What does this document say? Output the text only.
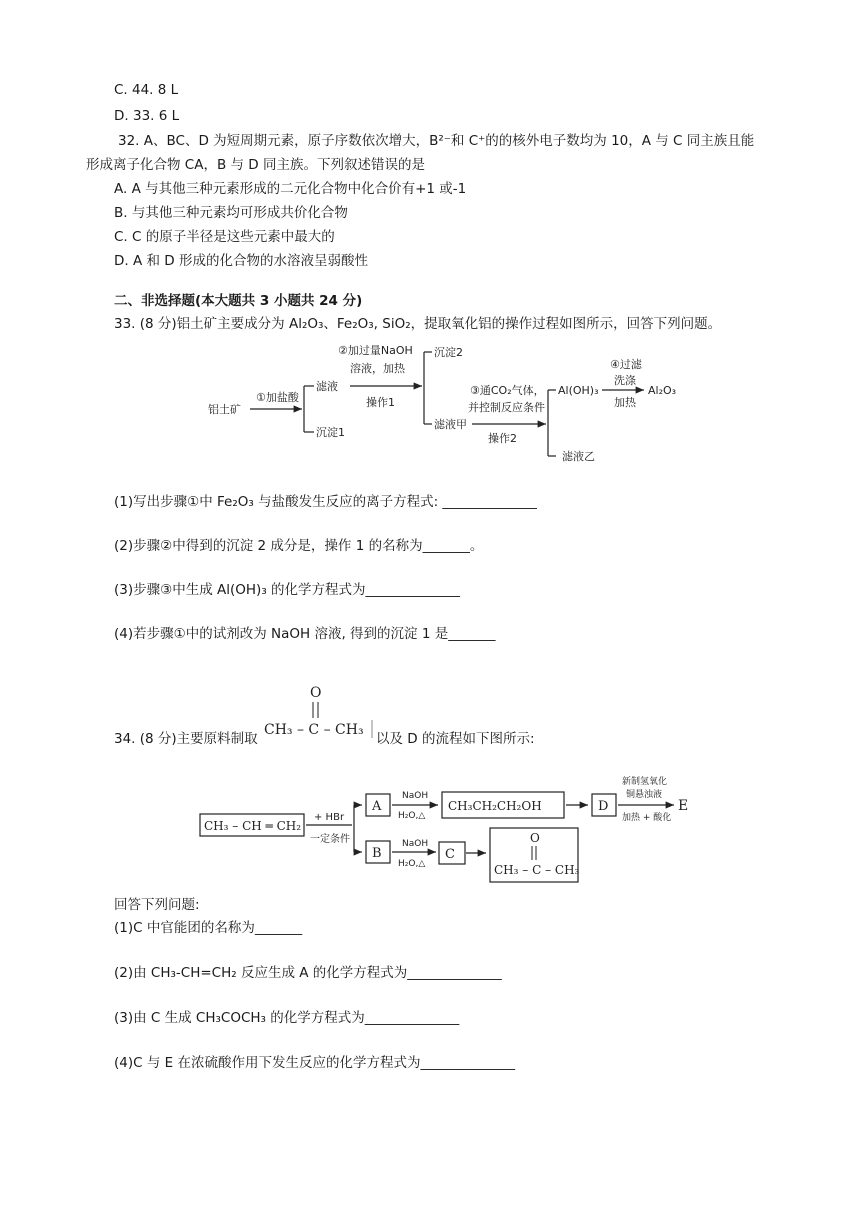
C. 44. 8 L
D. 33. 6 L
32. A、BC、D 为短周期元素，原子序数依次增大，B²⁻和 C⁺的的核外电子数均为 10，A 与 C 同主族且能
形成离子化合物 CA，B 与 D 同主族。下列叙述错误的是
A. A 与其他三种元素形成的二元化合物中化合价有+1 或-1
B. 与其他三种元素均可形成共价化合物
C. C 的原子半径是这些元素中最大的
D. A 和 D 形成的化合物的水溶液呈弱酸性
二、非选择题(本大题共 3 小题共 24 分)
33. (8 分)铝土矿主要成分为 Al₂O₃、Fe₂O₃, SiO₂，提取氧化铝的操作过程如图所示，回答下列问题。
铝土矿
①加盐酸
滤液
沉淀1
②加过量NaOH
溶液，加热
操作1
沉淀2
滤液甲
③通CO₂气体，
并控制反应条件
操作2
Al(OH)₃
滤液乙
④过滤
洗涤
加热
Al₂O₃
(1)写出步骤①中 Fe₂O₃ 与盐酸发生反应的离子方程式: ______________
(2)步骤②中得到的沉淀 2 成分是，操作 1 的名称为_______。
(3)步骤③中生成 Al(OH)₃ 的化学方程式为______________
(4)若步骤①中的试剂改为 NaOH 溶液, 得到的沉淀 1 是_______
34. (8 分)主要原料制取
O
CH₃ – C – CH₃
以及 D 的流程如下图所示:
CH₃ – CH ═ CH₂
+ HBr
一定条件
A
B
NaOH
H₂O,△
NaOH
H₂O,△
CH₃CH₂CH₂OH
C
O
CH₃ – C – CH₃
D
新制氢氧化
铜悬浊液
加热 + 酸化
E
回答下列问题:
(1)C 中官能团的名称为_______
(2)由 CH₃-CH=CH₂ 反应生成 A 的化学方程式为______________
(3)由 C 生成 CH₃COCH₃ 的化学方程式为______________
(4)C 与 E 在浓硫酸作用下发生反应的化学方程式为______________
